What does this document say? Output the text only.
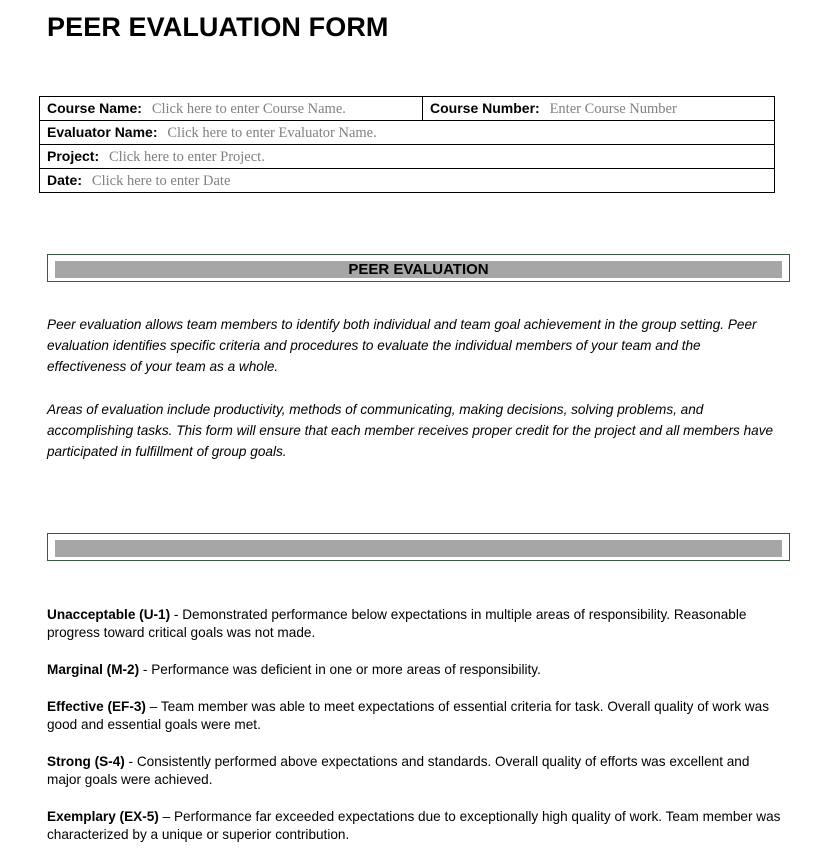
PEER EVALUATION FORM
Course Name: Click here to enter Course Name.	Course Number: Enter Course Number
Evaluator Name: Click here to enter Evaluator Name.
Project: Click here to enter Project.
Date: Click here to enter Date
PEER EVALUATION

Peer evaluation allows team members to identify both individual and team goal achievement in the group setting. Peer evaluation identifies specific criteria and procedures to evaluate the individual members of your team and the effectiveness of your team as a whole.

Areas of evaluation include productivity, methods of communicating, making decisions, solving problems, and accomplishing tasks. This form will ensure that each member receives proper credit for the project and all members have participated in fulfillment of group goals.

Unacceptable (U-1) - Demonstrated performance below expectations in multiple areas of responsibility. Reasonable progress toward critical goals was not made.

Marginal (M-2) - Performance was deficient in one or more areas of responsibility.

Effective (EF-3) – Team member was able to meet expectations of essential criteria for task. Overall quality of work was good and essential goals were met.

Strong (S-4) - Consistently performed above expectations and standards. Overall quality of efforts was excellent and major goals were achieved.

Exemplary (EX-5) – Performance far exceeded expectations due to exceptionally high quality of work. Team member was characterized by a unique or superior contribution.
